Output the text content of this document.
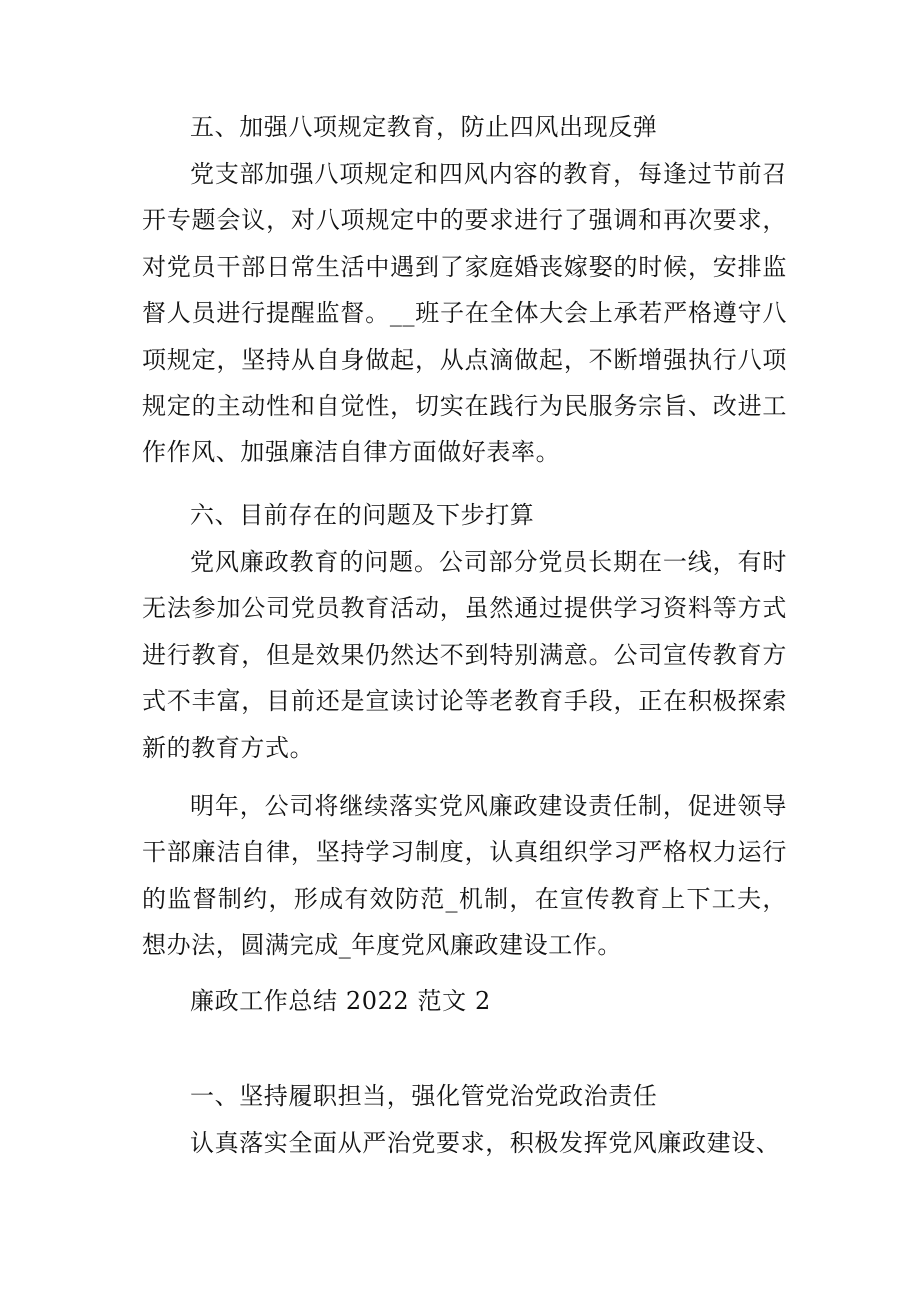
五、加强八项规定教育，防止四风出现反弹

党支部加强八项规定和四风内容的教育，每逢过节前召开专题会议，对八项规定中的要求进行了强调和再次要求，对党员干部日常生活中遇到了家庭婚丧嫁娶的时候，安排监督人员进行提醒监督。__班子在全体大会上承若严格遵守八项规定，坚持从自身做起，从点滴做起，不断增强执行八项规定的主动性和自觉性，切实在践行为民服务宗旨、改进工作作风、加强廉洁自律方面做好表率。

六、目前存在的问题及下步打算

党风廉政教育的问题。公司部分党员长期在一线，有时无法参加公司党员教育活动，虽然通过提供学习资料等方式进行教育，但是效果仍然达不到特别满意。公司宣传教育方式不丰富，目前还是宣读讨论等老教育手段，正在积极探索新的教育方式。

明年，公司将继续落实党风廉政建设责任制，促进领导干部廉洁自律，坚持学习制度，认真组织学习严格权力运行的监督制约，形成有效防范_机制，在宣传教育上下工夫，想办法，圆满完成_年度党风廉政建设工作。

廉政工作总结 2022 范文 2

一、坚持履职担当，强化管党治党政治责任

认真落实全面从严治党要求，积极发挥党风廉政建设、
